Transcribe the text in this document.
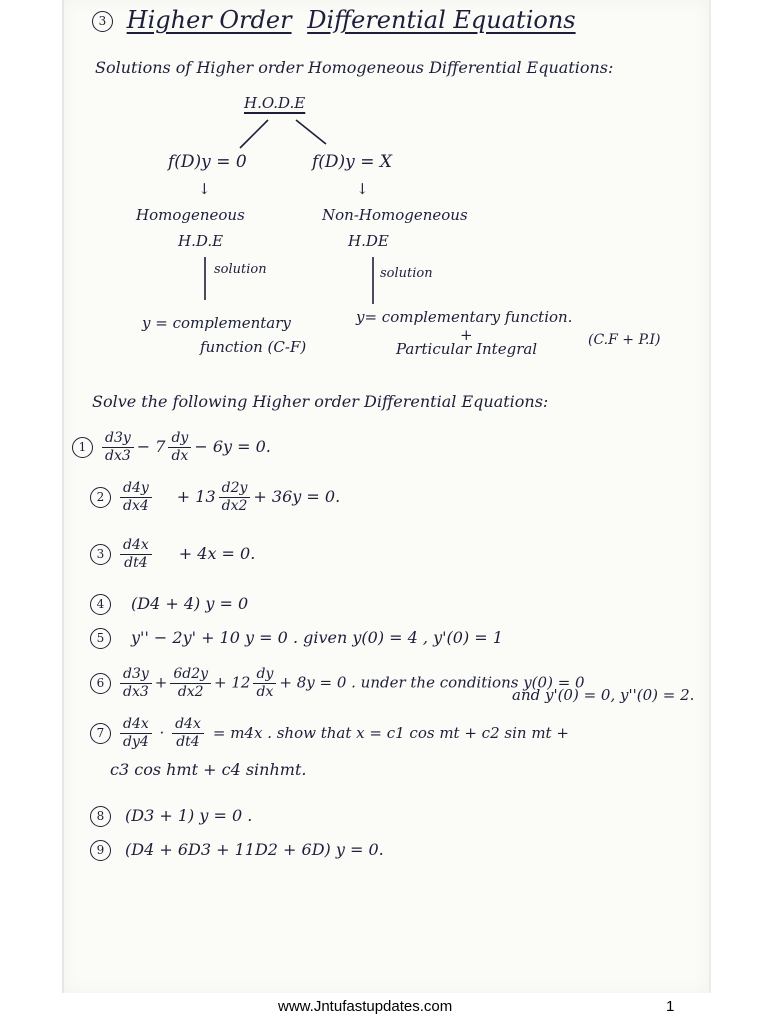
3 Higher Order Differential Equations
Solutions of Higher order Homogeneous Differential Equations:
H.O.D.E
f(D)y = 0
↓
Homogeneous
H.D.E
solution
y = complementary
function (C-F)
f(D)y = X
↓
Non-Homogeneous
H.DE
solution
y= complementary function.
+
Particular Integral	(C.F + P.I)
Solve the following Higher order Differential Equations:
$1 \frac{d3y}{dx3} - 7 \frac{dy}{dx} - 6y = 0$.
$2 \frac{d4y}{dx4} + 13 \frac{d2y}{dx2} + 36y = 0$.
$3 \frac{d4x}{dt4} + 4x = 0$.
4 (D4 + 4) y = 0
5 y'' − 2y' + 10 y = 0 . given y(0) = 4 , y'(0) = 1
$6 \frac{d3y}{dx3} + \frac{6d2y}{dx2} + 12 \frac{dy}{dx} + 8y = 0$ . under the conditions y(0) = 0
and y'(0) = 0, y''(0) = 2.
$7 \frac{d4x}{dy4} \cdot \frac{d4x}{dt4} = m4x$ . show that x = c1 cos mt + c2 sin mt +
c3 cos hmt + c4 sinhmt.
8 (D3 + 1) y = 0 .
9 (D4 + 6D3 + 11D2 + 6D) y = 0.
www.Jntufastupdates.com	1
